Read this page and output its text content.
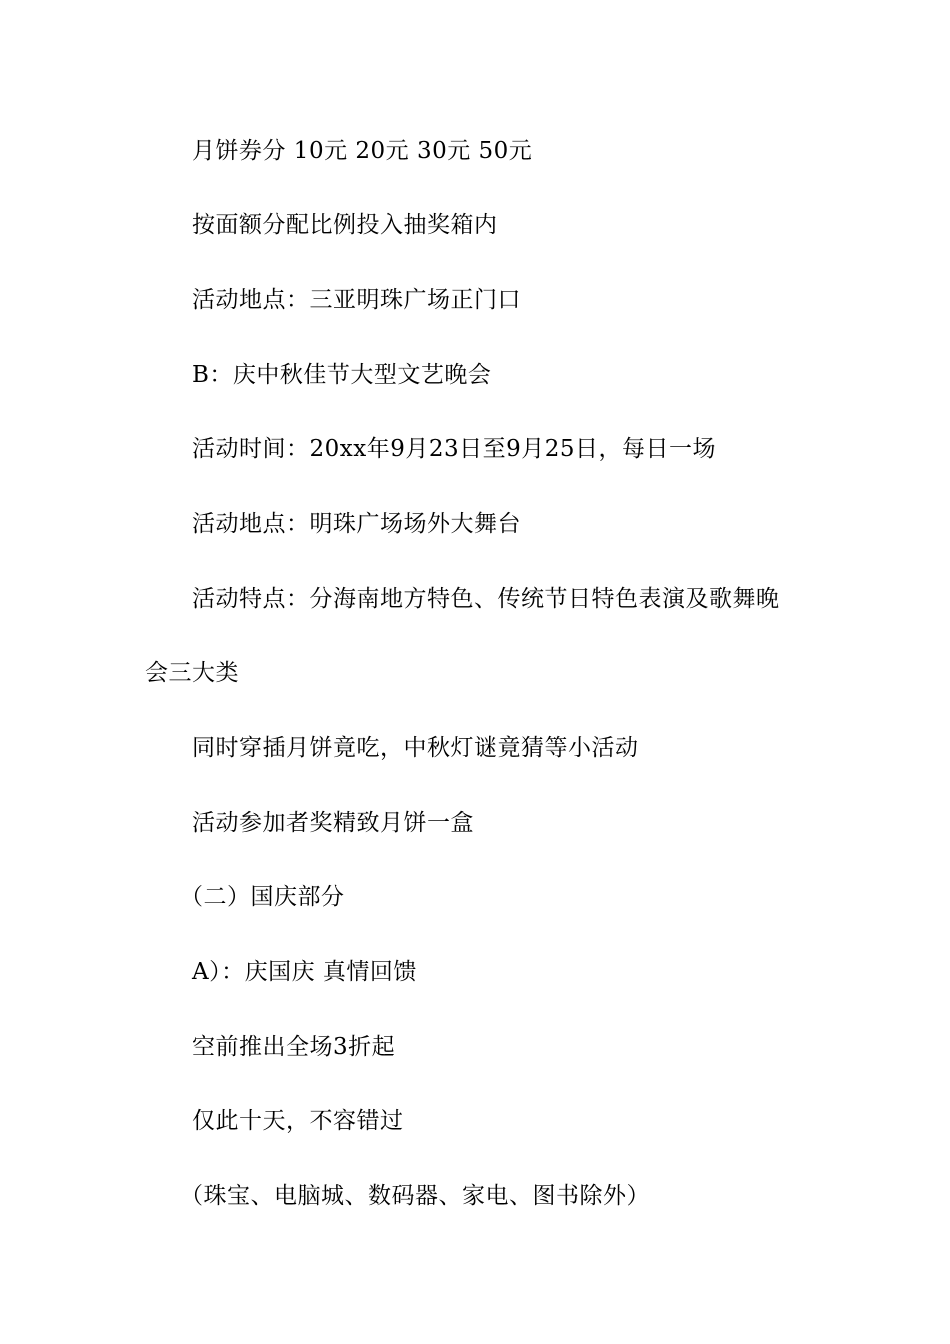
月饼券分 10元 20元 30元 50元
按面额分配比例投入抽奖箱内
活动地点：三亚明珠广场正门口
B：庆中秋佳节大型文艺晚会
活动时间：20xx年9月23日至9月25日，每日一场
活动地点：明珠广场场外大舞台
活动特点：分海南地方特色、传统节日特色表演及歌舞晚
会三大类
同时穿插月饼竟吃，中秋灯谜竟猜等小活动
活动参加者奖精致月饼一盒
（二）国庆部分
A）：庆国庆 真情回馈
空前推出全场3折起
仅此十天，不容错过
（珠宝、电脑城、数码器、家电、图书除外）
